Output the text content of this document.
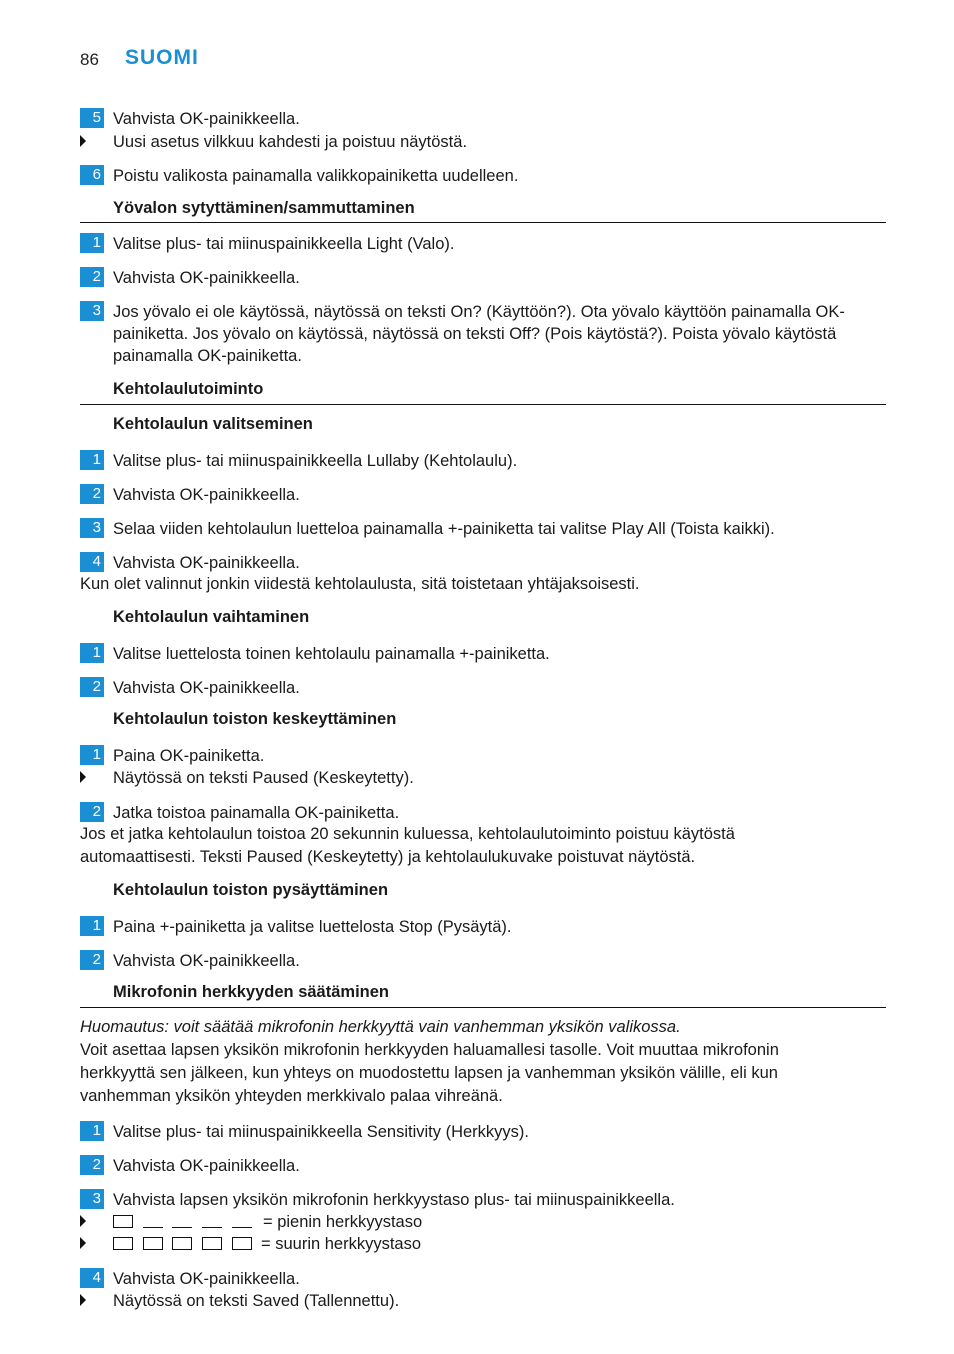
86 SUOMI
5 Vahvista OK-painikkeella.
Uusi asetus vilkkuu kahdesti ja poistuu näytöstä.
6 Poistu valikosta painamalla valikkopainiketta uudelleen.
Yövalon sytyttäminen/sammuttaminen
1 Valitse plus- tai miinuspainikkeella Light (Valo).
2 Vahvista OK-painikkeella.
3 Jos yövalo ei ole käytössä, näytössä on teksti On? (Käyttöön?). Ota yövalo käyttöön painamalla OK-painiketta. Jos yövalo on käytössä, näytössä on teksti Off? (Pois käytöstä?). Poista yövalo käytöstä painamalla OK-painiketta.
Kehtolaulutoiminto
Kehtolaulun valitseminen
1 Valitse plus- tai miinuspainikkeella Lullaby (Kehtolaulu).
2 Vahvista OK-painikkeella.
3 Selaa viiden kehtolaulun luetteloa painamalla +-painiketta tai valitse Play All (Toista kaikki).
4 Vahvista OK-painikkeella.
Kun olet valinnut jonkin viidestä kehtolaulusta, sitä toistetaan yhtäjaksoisesti.
Kehtolaulun vaihtaminen
1 Valitse luettelosta toinen kehtolaulu painamalla +-painiketta.
2 Vahvista OK-painikkeella.
Kehtolaulun toiston keskeyttäminen
1 Paina OK-painiketta.
Näytössä on teksti Paused (Keskeytetty).
2 Jatka toistoa painamalla OK-painiketta.
Jos et jatka kehtolaulun toistoa 20 sekunnin kuluessa, kehtolaulutoiminto poistuu käytöstä automaattisesti. Teksti Paused (Keskeytetty) ja kehtolaulukuvake poistuvat näytöstä.
Kehtolaulun toiston pysäyttäminen
1 Paina +-painiketta ja valitse luettelosta Stop (Pysäytä).
2 Vahvista OK-painikkeella.
Mikrofonin herkkyyden säätäminen
Huomautus: voit säätää mikrofonin herkkyyttä vain vanhemman yksikön valikossa.
Voit asettaa lapsen yksikön mikrofonin herkkyyden haluamallesi tasolle. Voit muuttaa mikrofonin herkkyyttä sen jälkeen, kun yhteys on muodostettu lapsen ja vanhemman yksikön välille, eli kun vanhemman yksikön yhteyden merkkivalo palaa vihreänä.
1 Valitse plus- tai miinuspainikkeella Sensitivity (Herkkyys).
2 Vahvista OK-painikkeella.
3 Vahvista lapsen yksikön mikrofonin herkkyystaso plus- tai miinuspainikkeella.
= pienin herkkyystaso
= suurin herkkyystaso
4 Vahvista OK-painikkeella.
Näytössä on teksti Saved (Tallennettu).
